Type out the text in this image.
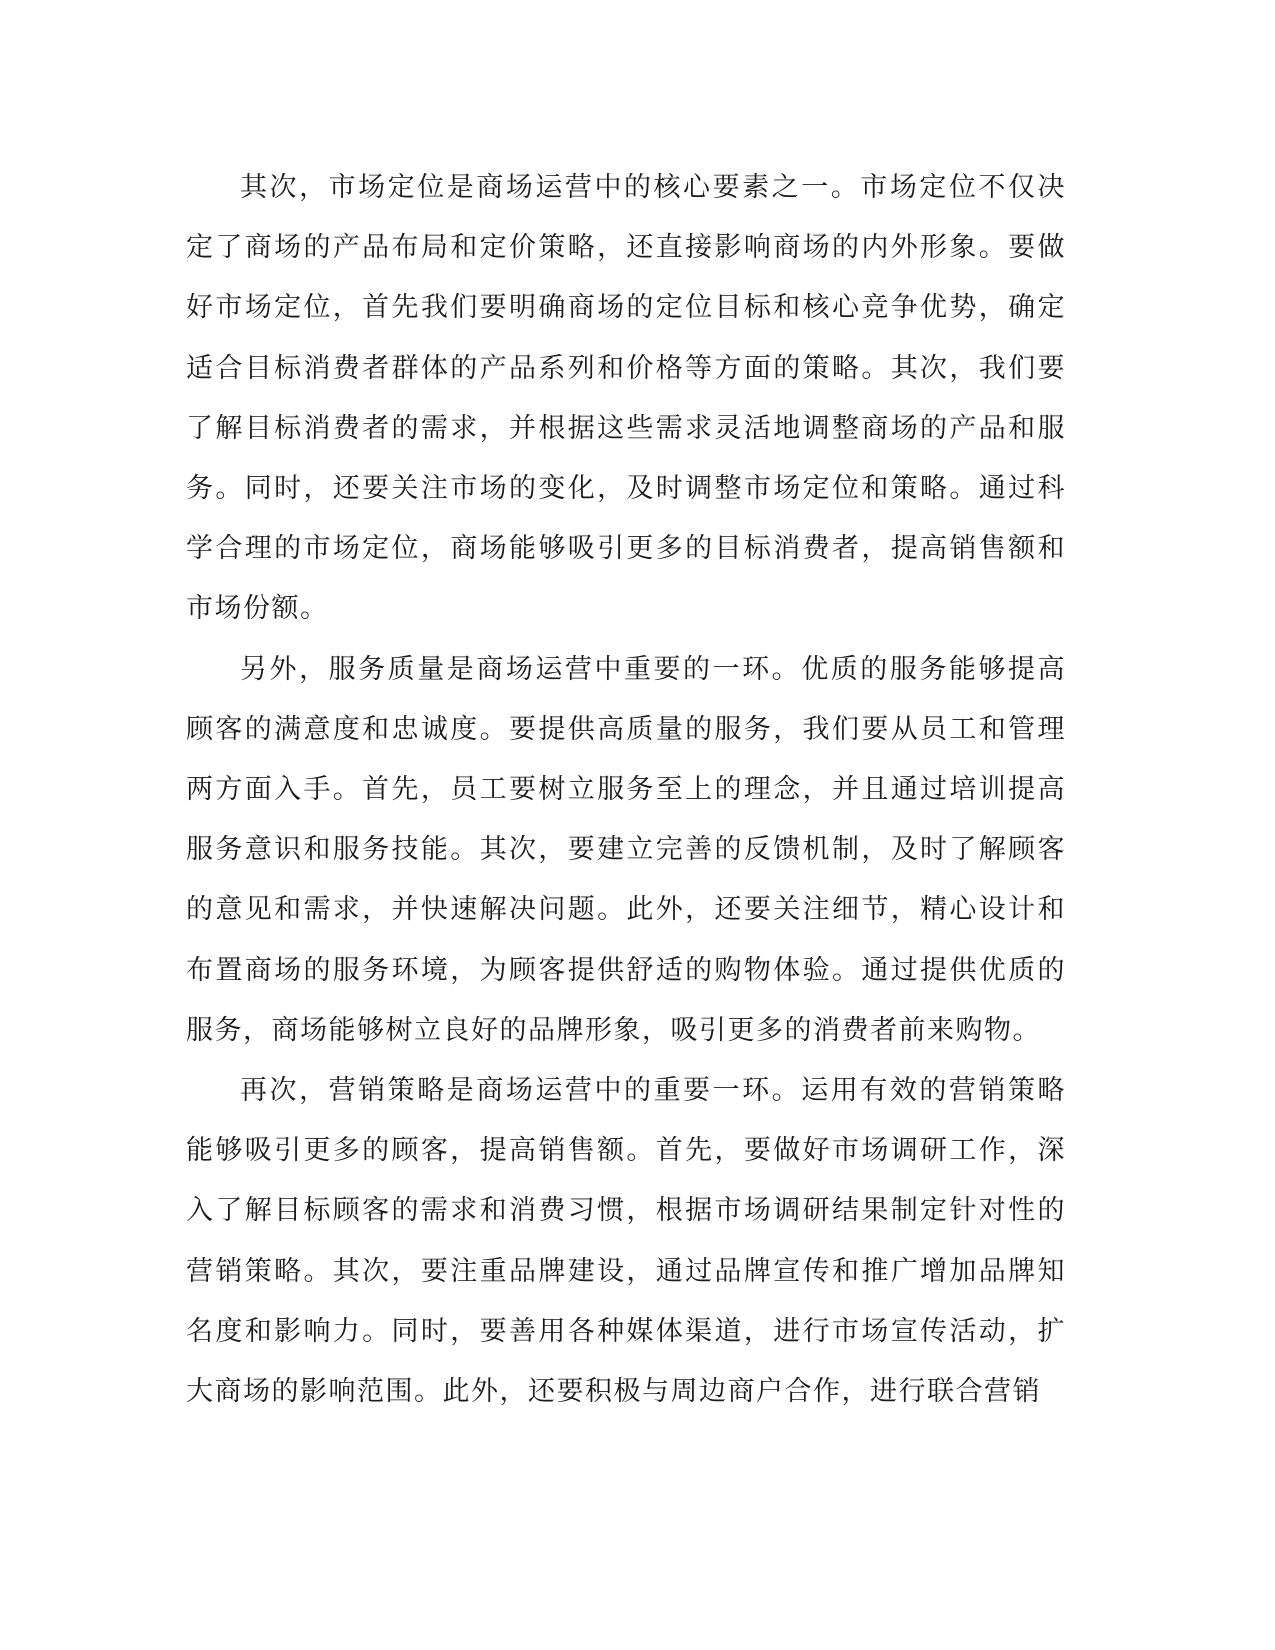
其次，市场定位是商场运营中的核心要素之一。市场定位不仅决定了商场的产品布局和定价策略，还直接影响商场的内外形象。要做好市场定位，首先我们要明确商场的定位目标和核心竞争优势，确定适合目标消费者群体的产品系列和价格等方面的策略。其次，我们要了解目标消费者的需求，并根据这些需求灵活地调整商场的产品和服务。同时，还要关注市场的变化，及时调整市场定位和策略。通过科学合理的市场定位，商场能够吸引更多的目标消费者，提高销售额和市场份额。

另外，服务质量是商场运营中重要的一环。优质的服务能够提高顾客的满意度和忠诚度。要提供高质量的服务，我们要从员工和管理两方面入手。首先，员工要树立服务至上的理念，并且通过培训提高服务意识和服务技能。其次，要建立完善的反馈机制，及时了解顾客的意见和需求，并快速解决问题。此外，还要关注细节，精心设计和布置商场的服务环境，为顾客提供舒适的购物体验。通过提供优质的服务，商场能够树立良好的品牌形象，吸引更多的消费者前来购物。

再次，营销策略是商场运营中的重要一环。运用有效的营销策略能够吸引更多的顾客，提高销售额。首先，要做好市场调研工作，深入了解目标顾客的需求和消费习惯，根据市场调研结果制定针对性的营销策略。其次，要注重品牌建设，通过品牌宣传和推广增加品牌知名度和影响力。同时，要善用各种媒体渠道，进行市场宣传活动，扩大商场的影响范围。此外，还要积极与周边商户合作，进行联合营销
